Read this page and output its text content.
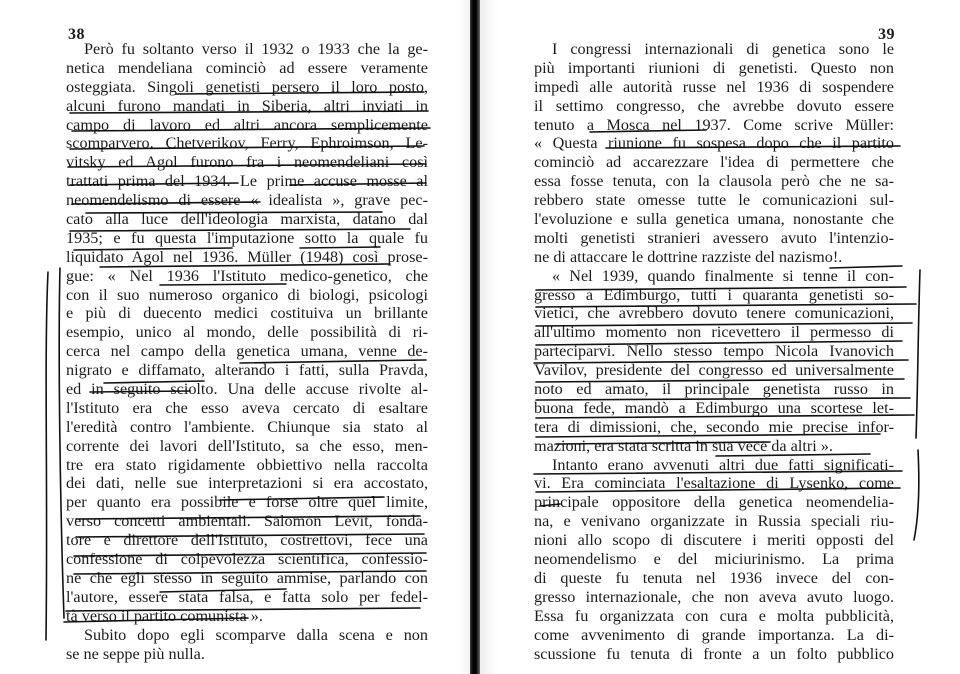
38
Però fu soltanto verso il 1932 o 1933 che la ge-
netica mendeliana cominciò ad essere veramente
osteggiata. Singoli genetisti persero il loro posto,
alcuni furono mandati in Siberia, altri inviati in
campo di lavoro ed altri ancora semplicemente
scomparvero. Chetverikov, Ferry, Ephroimson, Le-
vitsky ed Agol furono fra i neomendeliani così
trattati prima del 1934. Le prime accuse mosse al
neomendelismo di essere « idealista », grave pec-
cato alla luce dell'ideologia marxista, datano dal
1935; e fu questa l'imputazione sotto la quale fu
liquidato Agol nel 1936. Müller (1948) così prose-
gue: « Nel 1936 l'Istituto medico-genetico, che
con il suo numeroso organico di biologi, psicologi
e più di duecento medici costituiva un brillante
esempio, unico al mondo, delle possibilità di ri-
cerca nel campo della genetica umana, venne de-
nigrato e diffamato, alterando i fatti, sulla Pravda,
ed in seguito sciolto. Una delle accuse rivolte al-
l'Istituto era che esso aveva cercato di esaltare
l'eredità contro l'ambiente. Chiunque sia stato al
corrente dei lavori dell'Istituto, sa che esso, men-
tre era stato rigidamente obbiettivo nella raccolta
dei dati, nelle sue interpretazioni si era accostato,
per quanto era possibile e forse oltre quel limite,
verso concetti ambientali. Salomon Levit, fonda-
tore e direttore dell'Istituto, costrettovi, fece una
confessione di colpevolezza scientifica, confessio-
ne che egli stesso in seguito ammise, parlando con
l'autore, essere stata falsa, e fatta solo per fedel-
tà verso il partito comunista ».
Subito dopo egli scomparve dalla scena e non
se ne seppe più nulla.
39
I congressi internazionali di genetica sono le
più importanti riunioni di genetisti. Questo non
impedì alle autorità russe nel 1936 di sospendere
il settimo congresso, che avrebbe dovuto essere
tenuto a Mosca nel 1937. Come scrive Müller:
« Questa riunione fu sospesa dopo che il partito
cominciò ad accarezzare l'idea di permettere che
essa fosse tenuta, con la clausola però che ne sa-
rebbero state omesse tutte le comunicazioni sul-
l'evoluzione e sulla genetica umana, nonostante che
molti genetisti stranieri avessero avuto l'intenzio-
ne di attaccare le dottrine razziste del nazismo!.
« Nel 1939, quando finalmente si tenne il con-
gresso a Edimburgo, tutti i quaranta genetisti so-
vietici, che avrebbero dovuto tenere comunicazioni,
all'ultimo momento non ricevettero il permesso di
parteciparvi. Nello stesso tempo Nicola Ivanovich
Vavilov, presidente del congresso ed universalmente
noto ed amato, il principale genetista russo in
buona fede, mandò a Edimburgo una scortese let-
tera di dimissioni, che, secondo mie precise infor-
mazioni, era stata scritta in sua vece da altri ».
Intanto erano avvenuti altri due fatti significati-
vi. Era cominciata l'esaltazione di Lysenko, come
principale oppositore della genetica neomendelia-
na, e venivano organizzate in Russia speciali riu-
nioni allo scopo di discutere i meriti opposti del
neomendelismo e del miciurinismo. La prima
di queste fu tenuta nel 1936 invece del con-
gresso internazionale, che non aveva avuto luogo.
Essa fu organizzata con cura e molta pubblicità,
come avvenimento di grande importanza. La di-
scussione fu tenuta di fronte a un folto pubblico
